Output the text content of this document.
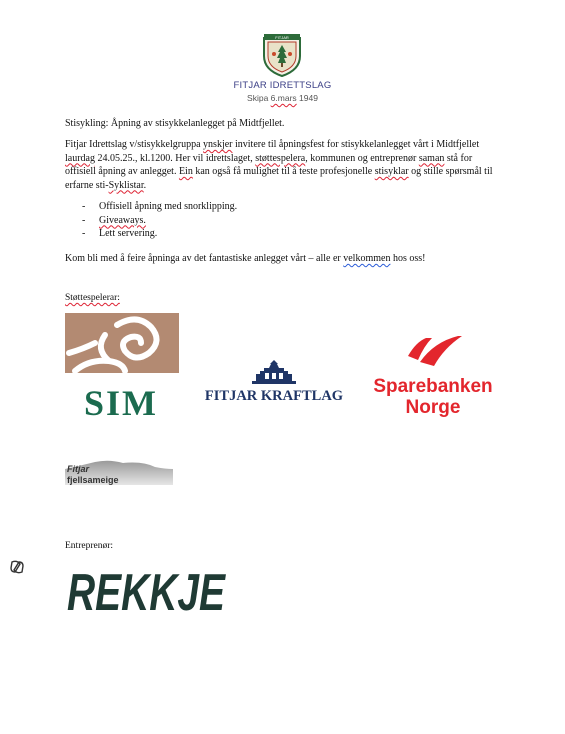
FITJAR
FITJAR IDRETTSLAG
Skipa 6.mars 1949
Stisykling: Åpning av stisykkelanlegget på Midtfjellet.
Fitjar Idrettslag v/stisykkelgruppa ynskjer invitere til åpningsfest for stisykkelanlegget vårt i Midtfjellet laurdag 24.05.25., kl.1200. Her vil idrettslaget, støttespelera, kommunen og entreprenør saman stå for offisiell åpning av anlegget. Ein kan også få mulighet til å teste profesjonelle stisyklar og stille spørsmål til erfarne sti-Syklistar.
- Offisiell åpning med snorklipping.
- Giveaways.
- Lett servering.
Kom bli med å feire åpninga av det fantastiske anlegget vårt – alle er velkommen hos oss!
Støttespelerar:
SIM	FITJAR KRAFTLAG Sparebanken
Norge
Fitjar
fjellsameige
Entreprenør:
REKKJE
